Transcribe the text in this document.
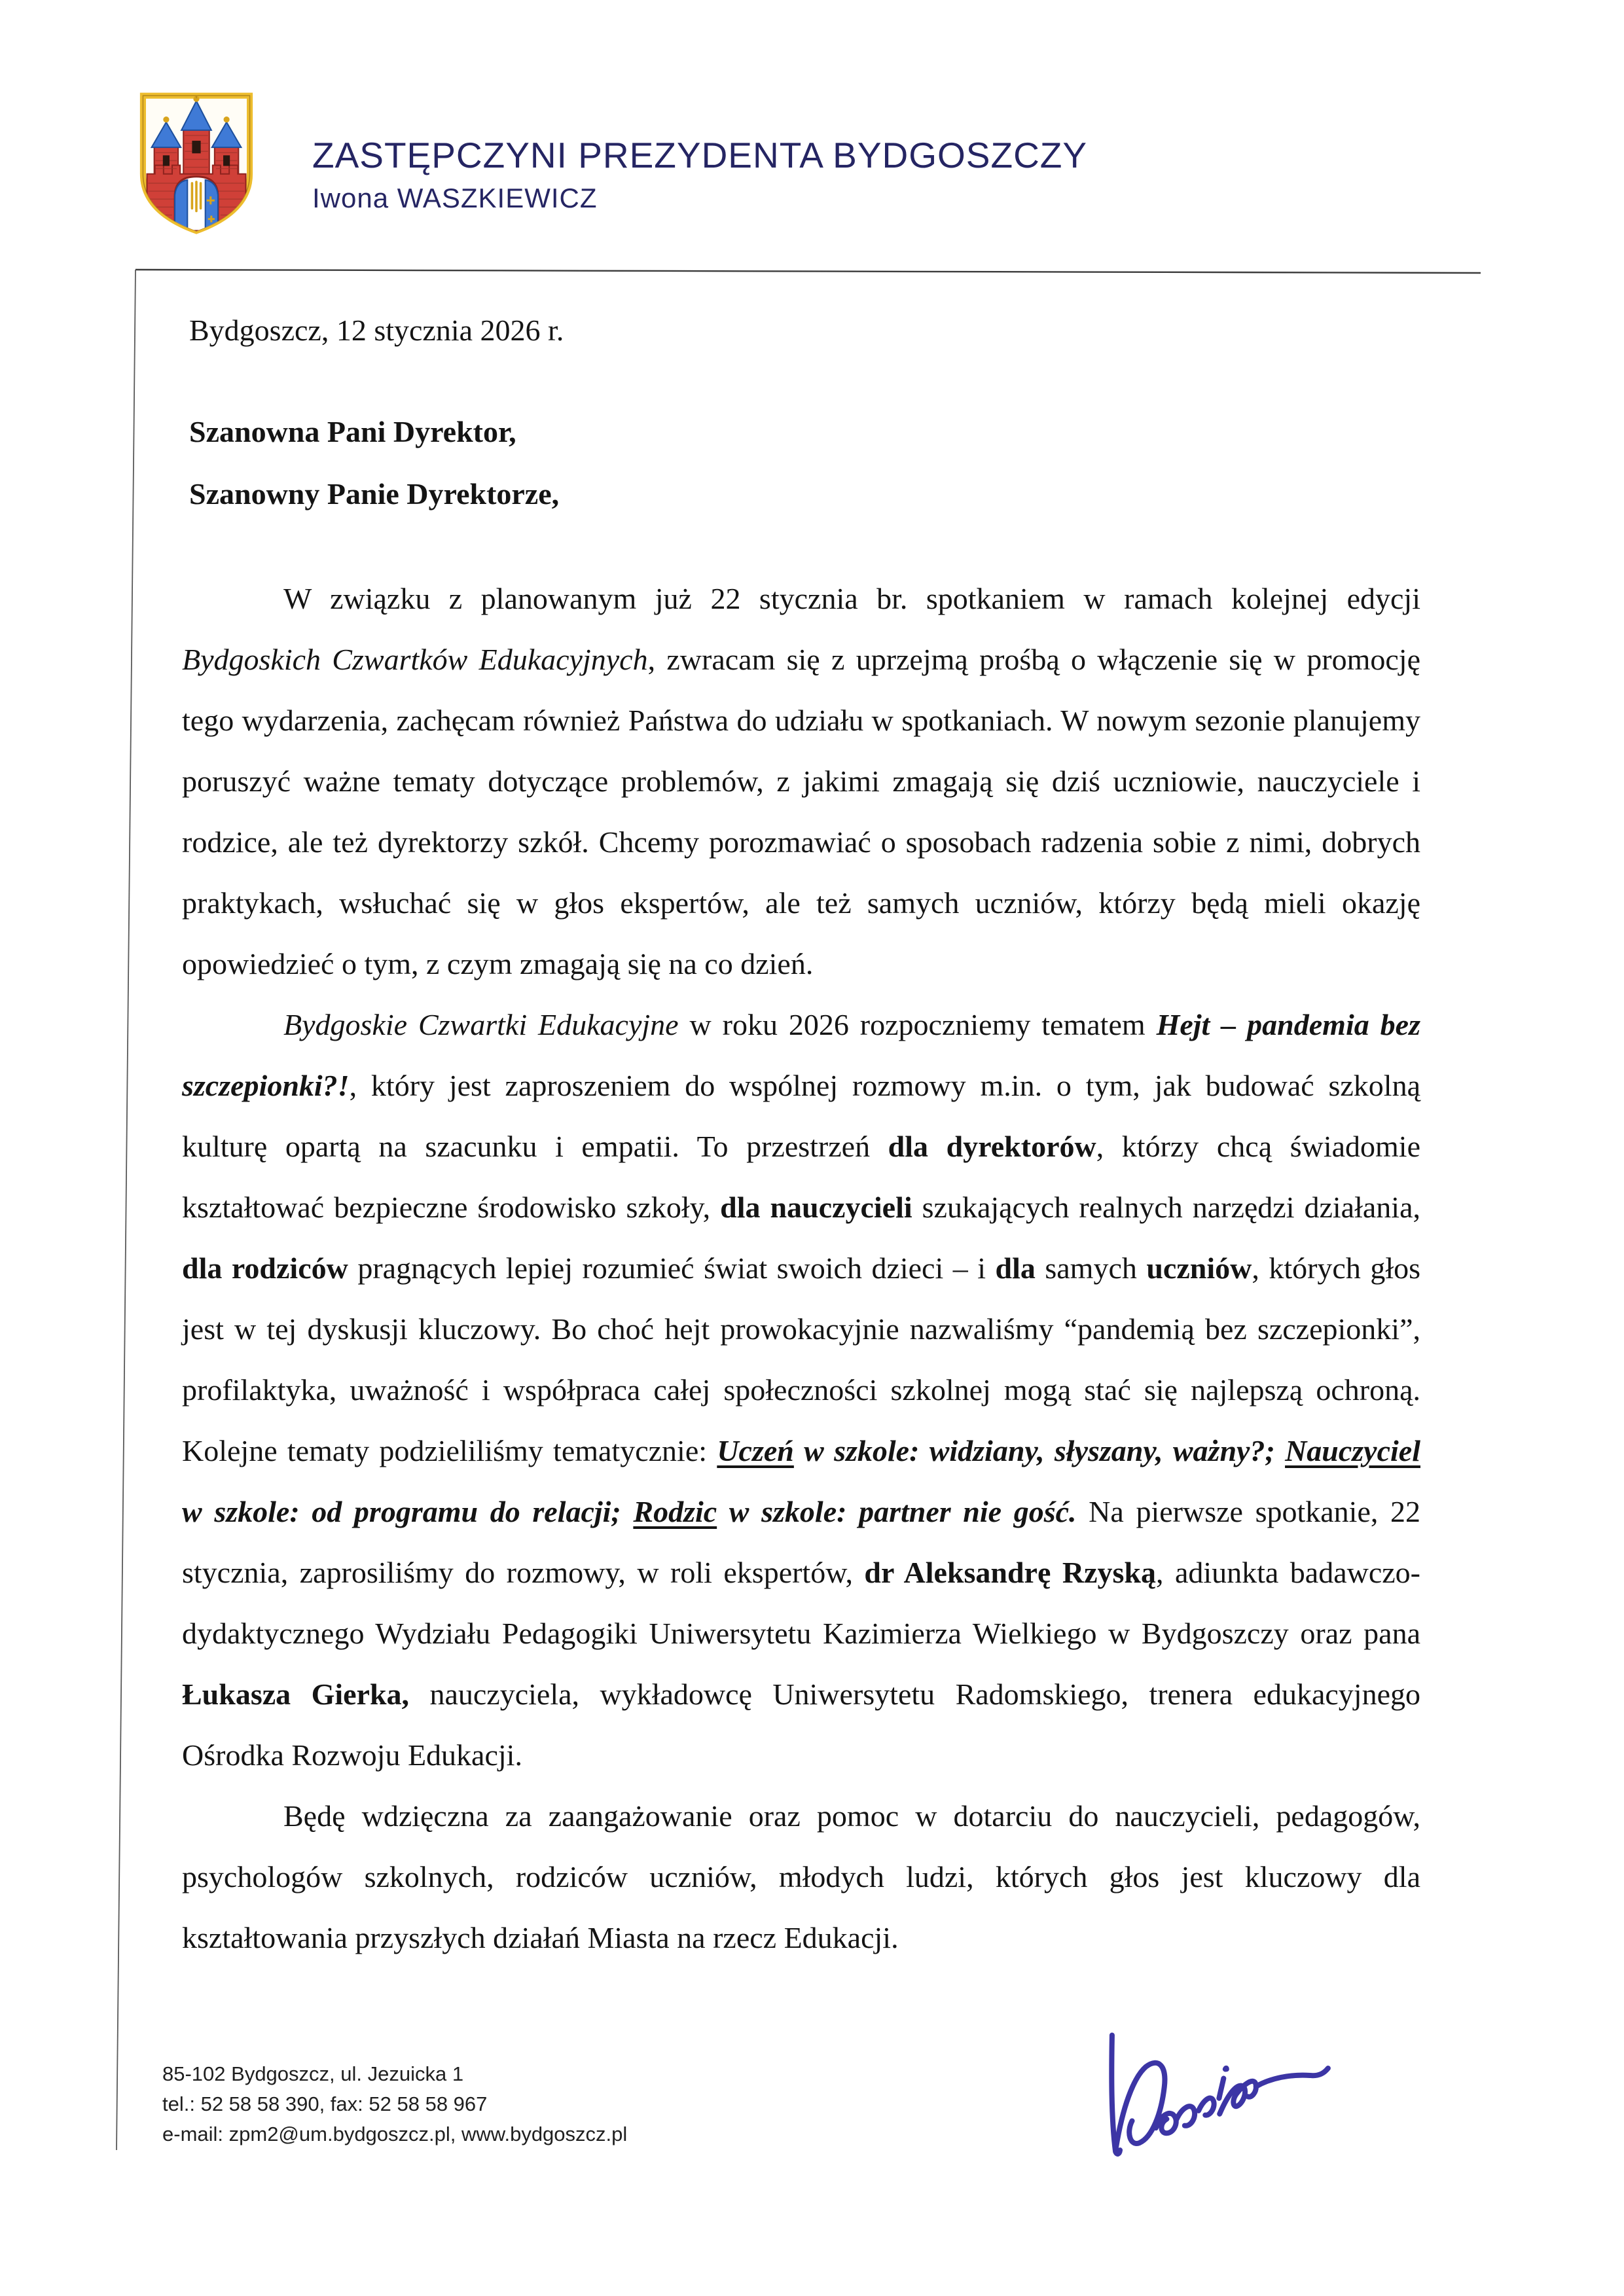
ZASTĘPCZYNI PREZYDENTA BYDGOSZCZY
Iwona WASZKIEWICZ
Bydgoszcz, 12 stycznia 2026 r.
Szanowna Pani Dyrektor,
Szanowny Panie Dyrektorze,

W związku z planowanym już 22 stycznia br. spotkaniem w ramach kolejnej edycji Bydgoskich Czwartków Edukacyjnych, zwracam się z uprzejmą prośbą o włączenie się w promocję tego wydarzenia, zachęcam również Państwa do udziału w spotkaniach. W nowym sezonie planujemy poruszyć ważne tematy dotyczące problemów, z jakimi zmagają się dziś uczniowie, nauczyciele i rodzice, ale też dyrektorzy szkół. Chcemy porozmawiać o sposobach radzenia sobie z nimi, dobrych praktykach, wsłuchać się w głos ekspertów, ale też samych uczniów, którzy będą mieli okazję opowiedzieć o tym, z czym zmagają się na co dzień.

Bydgoskie Czwartki Edukacyjne w roku 2026 rozpoczniemy tematem Hejt – pandemia bez szczepionki?!, który jest zaproszeniem do wspólnej rozmowy m.in. o tym, jak budować szkolną kulturę opartą na szacunku i empatii. To przestrzeń dla dyrektorów, którzy chcą świadomie kształtować bezpieczne środowisko szkoły, dla nauczycieli szukających realnych narzędzi działania, dla rodziców pragnących lepiej rozumieć świat swoich dzieci – i dla samych uczniów, których głos jest w tej dyskusji kluczowy. Bo choć hejt prowokacyjnie nazwaliśmy “pandemią bez szczepionki”, profilaktyka, uważność i współpraca całej społeczności szkolnej mogą stać się najlepszą ochroną. Kolejne tematy podzieliliśmy tematycznie: Uczeń w szkole: widziany, słyszany, ważny?; Nauczyciel w szkole: od programu do relacji; Rodzic w szkole: partner nie gość. Na pierwsze spotkanie, 22 stycznia, zaprosiliśmy do rozmowy, w roli ekspertów, dr Aleksandrę Rzyską, adiunkta badawczo-dydaktycznego Wydziału Pedagogiki Uniwersytetu Kazimierza Wielkiego w Bydgoszczy oraz pana Łukasza Gierka, nauczyciela, wykładowcę Uniwersytetu Radomskiego, trenera edukacyjnego Ośrodka Rozwoju Edukacji.

Będę wdzięczna za zaangażowanie oraz pomoc w dotarciu do nauczycieli, pedagogów, psychologów szkolnych, rodziców uczniów, młodych ludzi, których głos jest kluczowy dla kształtowania przyszłych działań Miasta na rzecz Edukacji.

85-102 Bydgoszcz, ul. Jezuicka 1
tel.: 52 58 58 390, fax: 52 58 58 967
e-mail: zpm2@um.bydgoszcz.pl, www.bydgoszcz.pl
